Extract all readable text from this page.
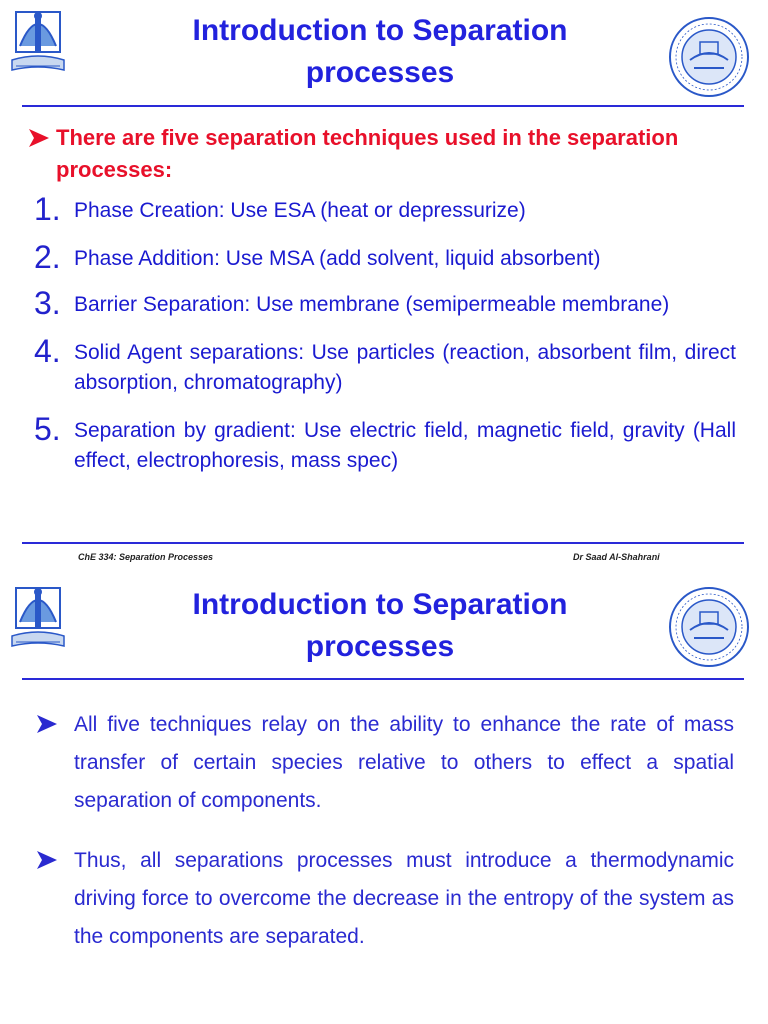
Introduction to Separation
processes
There are five separation techniques used in the separation processes:
1. Phase Creation: Use ESA (heat or depressurize)
2. Phase Addition: Use MSA (add solvent, liquid absorbent)
3. Barrier Separation: Use membrane (semipermeable membrane)
4. Solid Agent separations: Use particles (reaction, absorbent film, direct absorption, chromatography)
5. Separation by gradient: Use electric field, magnetic field, gravity (Hall effect, electrophoresis, mass spec)
ChE 334: Separation Processes	Dr Saad Al-Shahrani
Introduction to Separation
processes
All five techniques relay on the ability to enhance the rate of mass transfer of certain species relative to others to effect a spatial separation of components.
Thus, all separations processes must introduce a thermodynamic driving force to overcome the decrease in the entropy of the system as the components are separated.
